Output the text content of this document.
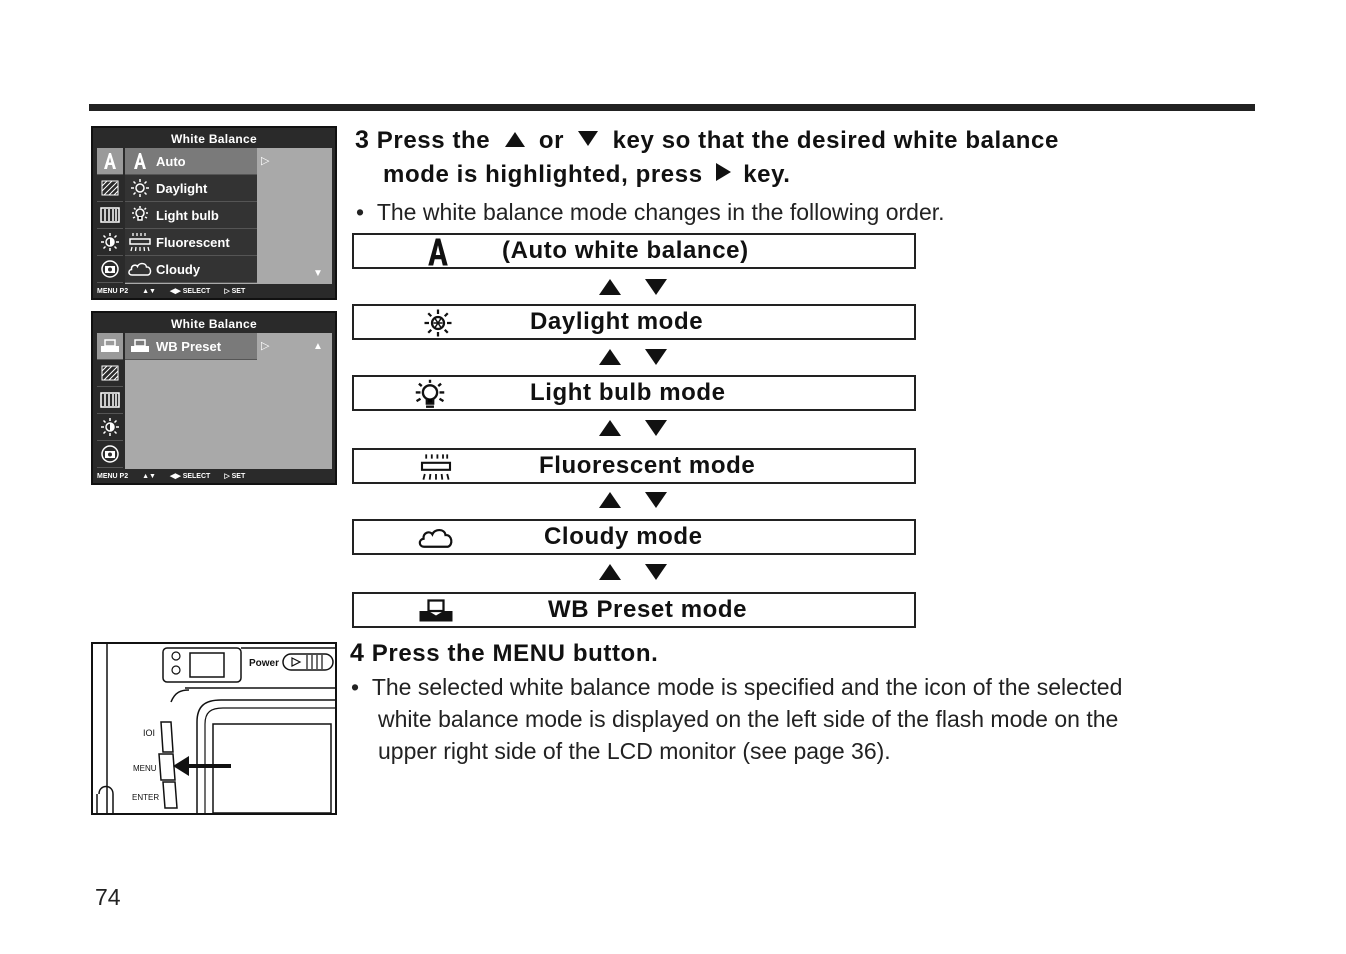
White Balance
Auto
Daylight
Light bulb
Fluorescent
Cloudy
▷
▼
MENU P2 ▲▼ ◀▶ SELECT ▷ SET
White Balance
WB Preset	▷	▲
MENU P2 ▲▼ ◀▶ SELECT ▷ SET
3 Press the or key so that the desired white balance
mode is highlighted, press key.
•  The white balance mode changes in the following order.
(Auto white balance)
Daylight mode
Light bulb mode
Fluorescent mode
Cloudy mode
WB Preset mode
IOI
MENU
ENTER
Power	4 Press the MENU button.
•  The selected white balance mode is specified and the icon of the selected
white balance mode is displayed on the left side of the flash mode on the
upper right side of the LCD monitor (see page 36).
74
